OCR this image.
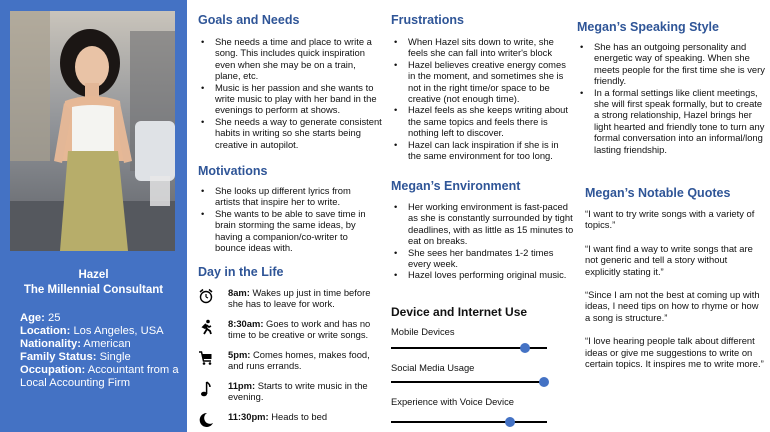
Hazel
The Millennial Consultant
Age: 25
Location: Los Angeles, USA
Nationality: American
Family Status: Single
Occupation: Accountant from a Local Accounting Firm
Goals and Needs
• She needs a time and place to write a song. This includes quick inspiration even when she may be on a train, plane, etc.
• Music is her passion and she wants to write music to play with her band in the evenings to perform at shows.
• She needs a way to generate consistent habits in writing so she starts being creative in autopilot.
Motivations
• She looks up different lyrics from artists that inspire her to write.
• She wants to be able to save time in brain storming the same ideas, by having a companion/co-writer to bounce ideas with.
Day in the Life
8am: Wakes up just in time before she has to leave for work.
8:30am: Goes to work and has no time to be creative or write songs.
5pm: Comes homes, makes food, and runs errands.
11pm: Starts to write music in the evening.
11:30pm: Heads to bed
Frustrations
• When Hazel sits down to write, she feels she can fall into writer's block
• Hazel believes creative energy comes in the moment, and sometimes she is not in the right time/or space to be creative (not enough time).
• Hazel feels as she keeps writing about the same topics and feels there is nothing left to discover.
• Hazel can lack inspiration if she is in the same environment for too long.
Megan’s Environment
• Her working environment is fast-paced as she is constantly surrounded by tight deadlines, with as little as 15 minutes to eat on breaks.
• She sees her bandmates 1-2 times every week.
• Hazel loves performing original music.
Device and Internet Use
Mobile Devices
Social Media Usage
Experience with Voice Device
Megan’s Speaking Style
• She has an outgoing personality and energetic way of speaking. When she meets people for the first time she is very friendly.
• In a formal settings like client meetings, she will first speak formally, but to create a strong relationship, Hazel brings her light hearted and friendly tone to turn any formal conversation into an informal/long lasting friendship.
Megan’s Notable Quotes

“I want to try write songs with a variety of topics.”

“I want find a way to write songs that are not generic and tell a story without explicitly stating it.”

“Since I am not the best at coming up with ideas, I need tips on how to rhyme or how a song is structure.”

“I love hearing people talk about different ideas or give me suggestions to write on certain topics. It inspires me to write more.”
